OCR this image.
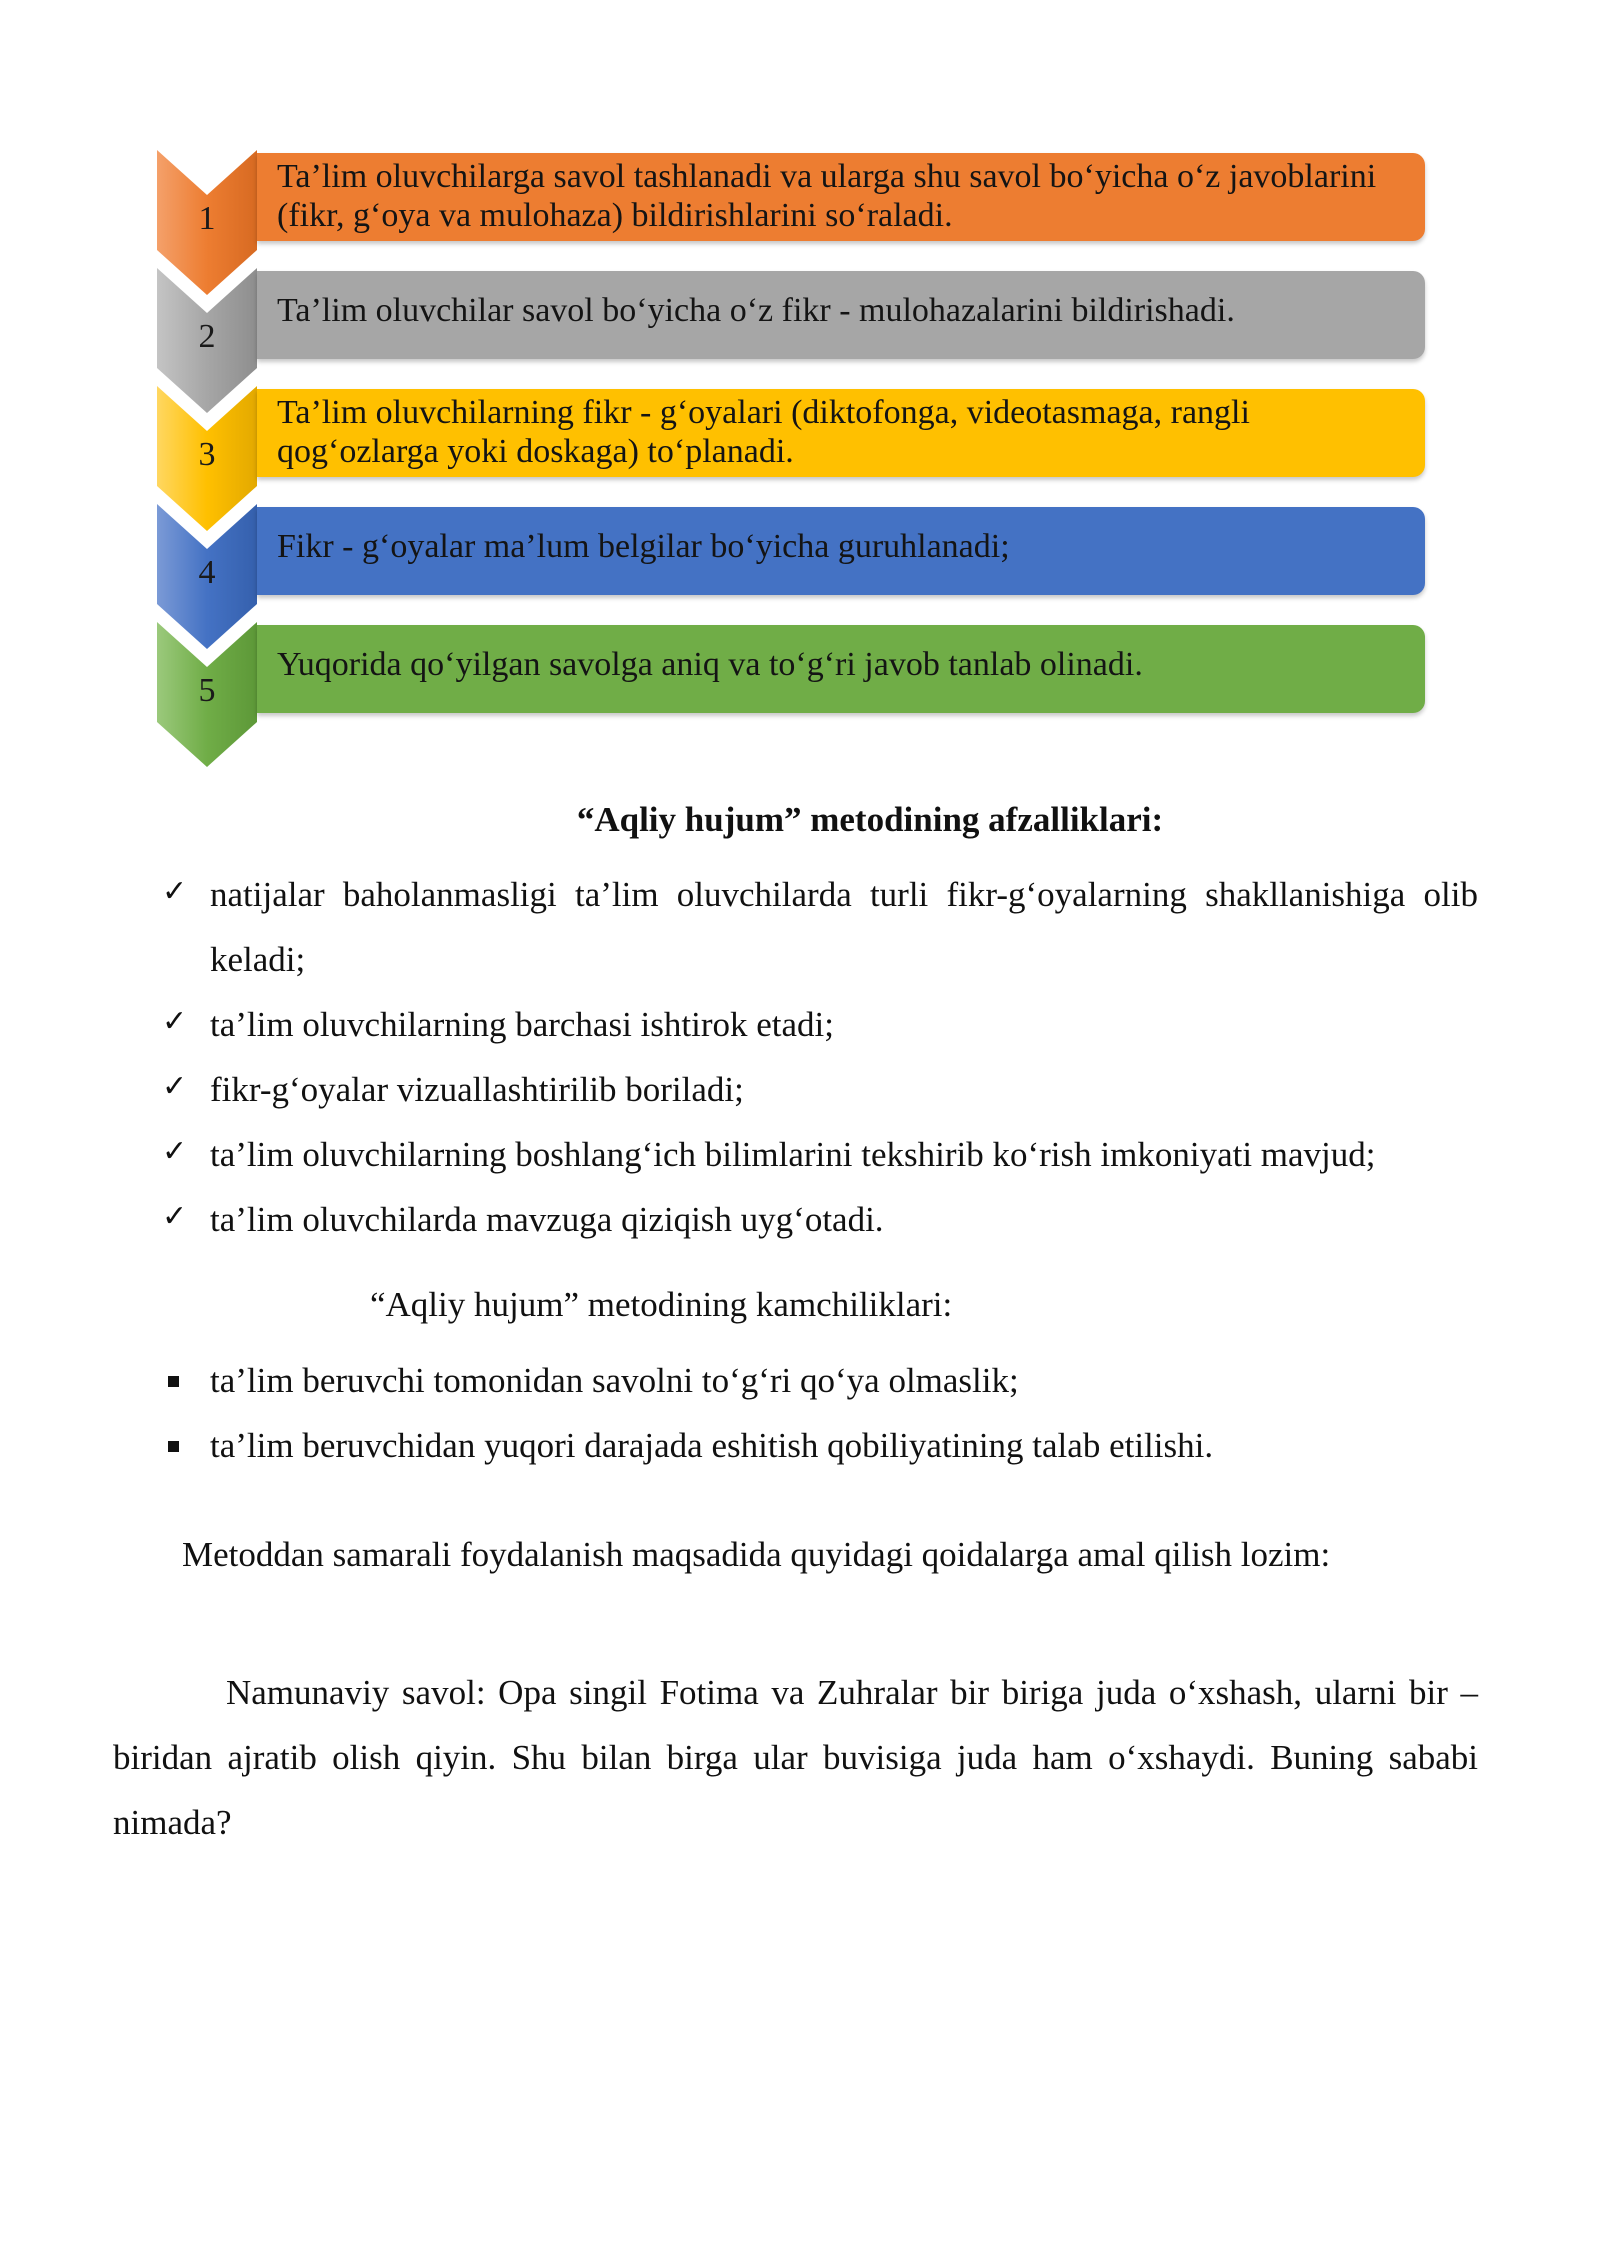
1
Ta’lim oluvchilarga savol tashlanadi va ularga shu savol bo‘yicha o‘z javoblarini (fikr, g‘oya va mulohaza) bildirishlarini so‘raladi.
2
Ta’lim oluvchilar savol bo‘yicha o‘z fikr - mulohazalarini bildirishadi.
3
Ta’lim oluvchilarning fikr - g‘oyalari (diktofonga, videotasmaga, rangli qog‘ozlarga yoki doskaga) to‘planadi.
4
Fikr - g‘oyalar ma’lum belgilar bo‘yicha guruhlanadi;
5
Yuqorida qo‘yilgan savolga aniq va to‘g‘ri javob tanlab olinadi.
“Aqliy hujum” metodining afzalliklari:
✓ natijalar baholanmasligi ta’lim oluvchilarda turli fikr-g‘oyalarning shakllanishiga olib keladi;
✓ ta’lim oluvchilarning barchasi ishtirok etadi;
✓ fikr-g‘oyalar vizuallashtirilib boriladi;
✓ ta’lim oluvchilarning boshlang‘ich bilimlarini tekshirib ko‘rish imkoniyati mavjud;
✓ ta’lim oluvchilarda mavzuga qiziqish uyg‘otadi.
“Aqliy hujum” metodining kamchiliklari:
ta’lim beruvchi tomonidan savolni to‘g‘ri qo‘ya olmaslik;
ta’lim beruvchidan yuqori darajada eshitish qobiliyatining talab etilishi.
Metoddan samarali foydalanish maqsadida quyidagi qoidalarga amal qilish lozim:

Namunaviy savol: Opa singil Fotima va Zuhralar bir biriga juda o‘xshash, ularni bir – biridan ajratib olish qiyin. Shu bilan birga ular buvisiga juda ham o‘xshaydi. Buning sababi nimada?
